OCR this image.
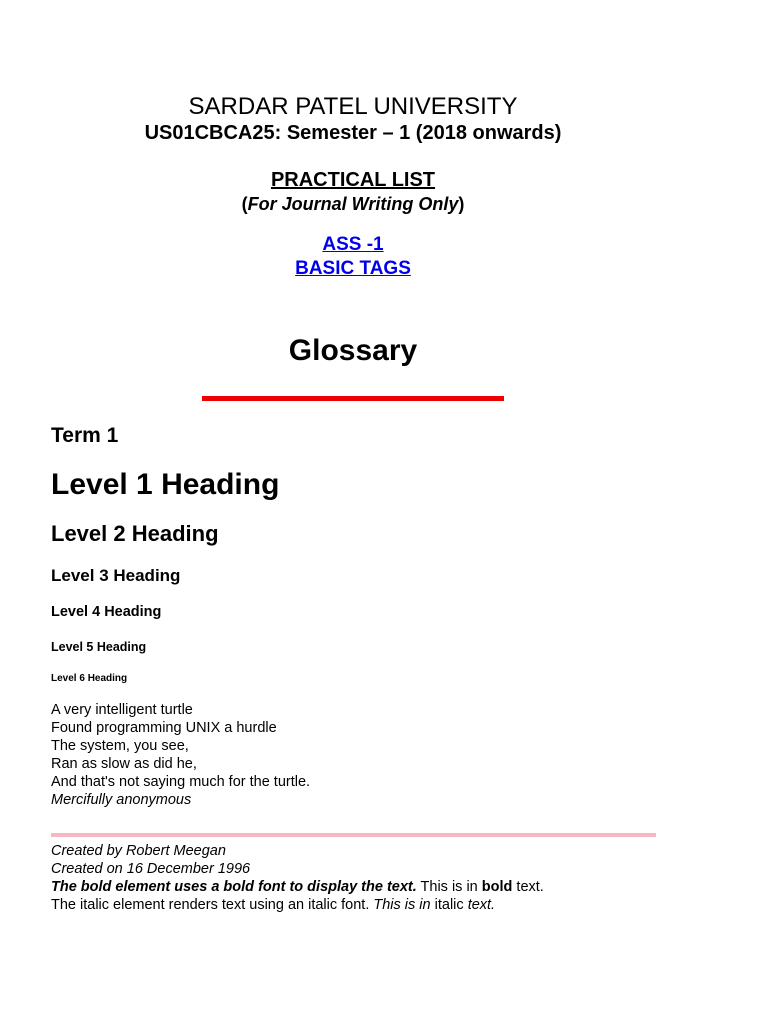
SARDAR PATEL UNIVERSITY
US01CBCA25: Semester – 1 (2018 onwards)
PRACTICAL LIST
(For Journal Writing Only)
ASS -1
BASIC TAGS
Glossary
Term 1
Level 1 Heading
Level 2 Heading
Level 3 Heading
Level 4 Heading
Level 5 Heading
Level 6 Heading
A very intelligent turtle
Found programming UNIX a hurdle
The system, you see,
Ran as slow as did he,
And that's not saying much for the turtle.
Mercifully anonymous
Created by Robert Meegan
Created on 16 December 1996
The bold element uses a bold font to display the text. This is in bold text.
The italic element renders text using an italic font. This is in italic text.
